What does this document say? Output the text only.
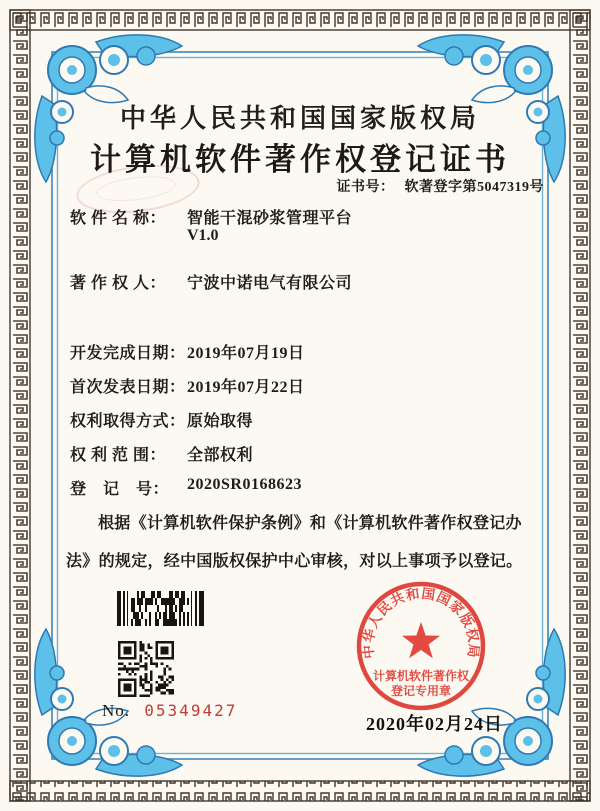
中华人民共和国国家版权局
计算机软件著作权登记证书
证书号： 软著登字第5047319号
软 件 名 称：	智能干混砂浆管理平台
V1.0
著 作 权 人：	宁波中诺电气有限公司
开发完成日期： 2019年07月19日
首次发表日期： 2019年07月22日
权利取得方式： 原始取得
权 利 范 围：	全部权利
登　记　号：	2020SR0168623
根据《计算机软件保护条例》和《计算机软件著作权登记办法》的规定，经中国版权保护中心审核，对以上事项予以登记。
No. 05349427
2020年02月24日
中华人民共和国国家版权局
计算机软件著作权
登记专用章
